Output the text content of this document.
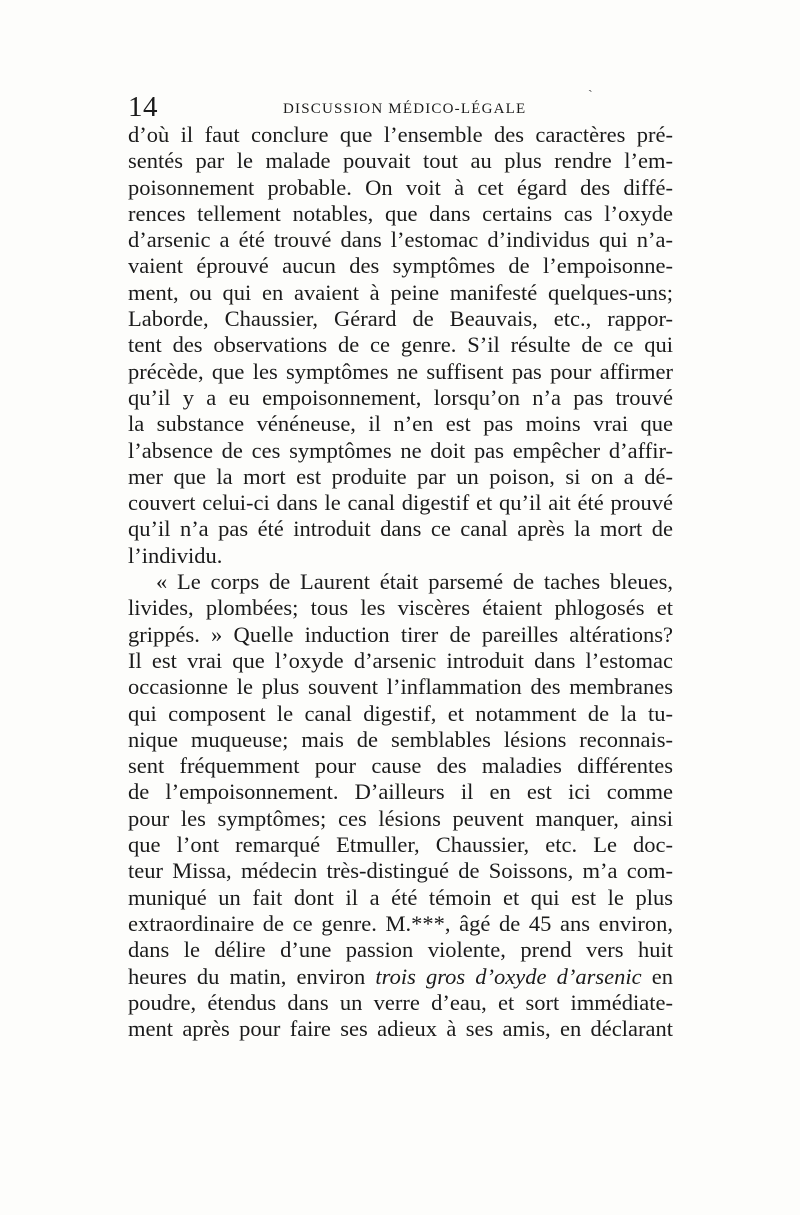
ˎ
14	DISCUSSION MÉDICO-LÉGALE
d’où il faut conclure que l’ensemble des caractères pré-
sentés par le malade pouvait tout au plus rendre l’em-
poisonnement probable. On voit à cet égard des diffé-
rences tellement notables, que dans certains cas l’oxyde
d’arsenic a été trouvé dans l’estomac d’individus qui n’a-
vaient éprouvé aucun des symptômes de l’empoisonne-
ment, ou qui en avaient à peine manifesté quelques-uns;
Laborde, Chaussier, Gérard de Beauvais, etc., rappor-
tent des observations de ce genre. S’il résulte de ce qui
précède, que les symptômes ne suffisent pas pour affirmer
qu’il y a eu empoisonnement, lorsqu’on n’a pas trouvé
la substance vénéneuse, il n’en est pas moins vrai que
l’absence de ces symptômes ne doit pas empêcher d’affir-
mer que la mort est produite par un poison, si on a dé-
couvert celui-ci dans le canal digestif et qu’il ait été prouvé
qu’il n’a pas été introduit dans ce canal après la mort de
l’individu.
« Le corps de Laurent était parsemé de taches bleues,
livides, plombées; tous les viscères étaient phlogosés et
grippés. » Quelle induction tirer de pareilles altérations?
Il est vrai que l’oxyde d’arsenic introduit dans l’estomac
occasionne le plus souvent l’inflammation des membranes
qui composent le canal digestif, et notamment de la tu-
nique muqueuse; mais de semblables lésions reconnais-
sent fréquemment pour cause des maladies différentes
de l’empoisonnement. D’ailleurs il en est ici comme
pour les symptômes; ces lésions peuvent manquer, ainsi
que l’ont remarqué Etmuller, Chaussier, etc. Le doc-
teur Missa, médecin très-distingué de Soissons, m’a com-
muniqué un fait dont il a été témoin et qui est le plus
extraordinaire de ce genre. M.***, âgé de 45 ans environ,
dans le délire d’une passion violente, prend vers huit
heures du matin, environ trois gros d’oxyde d’arsenic en
poudre, étendus dans un verre d’eau, et sort immédiate-
ment après pour faire ses adieux à ses amis, en déclarant
